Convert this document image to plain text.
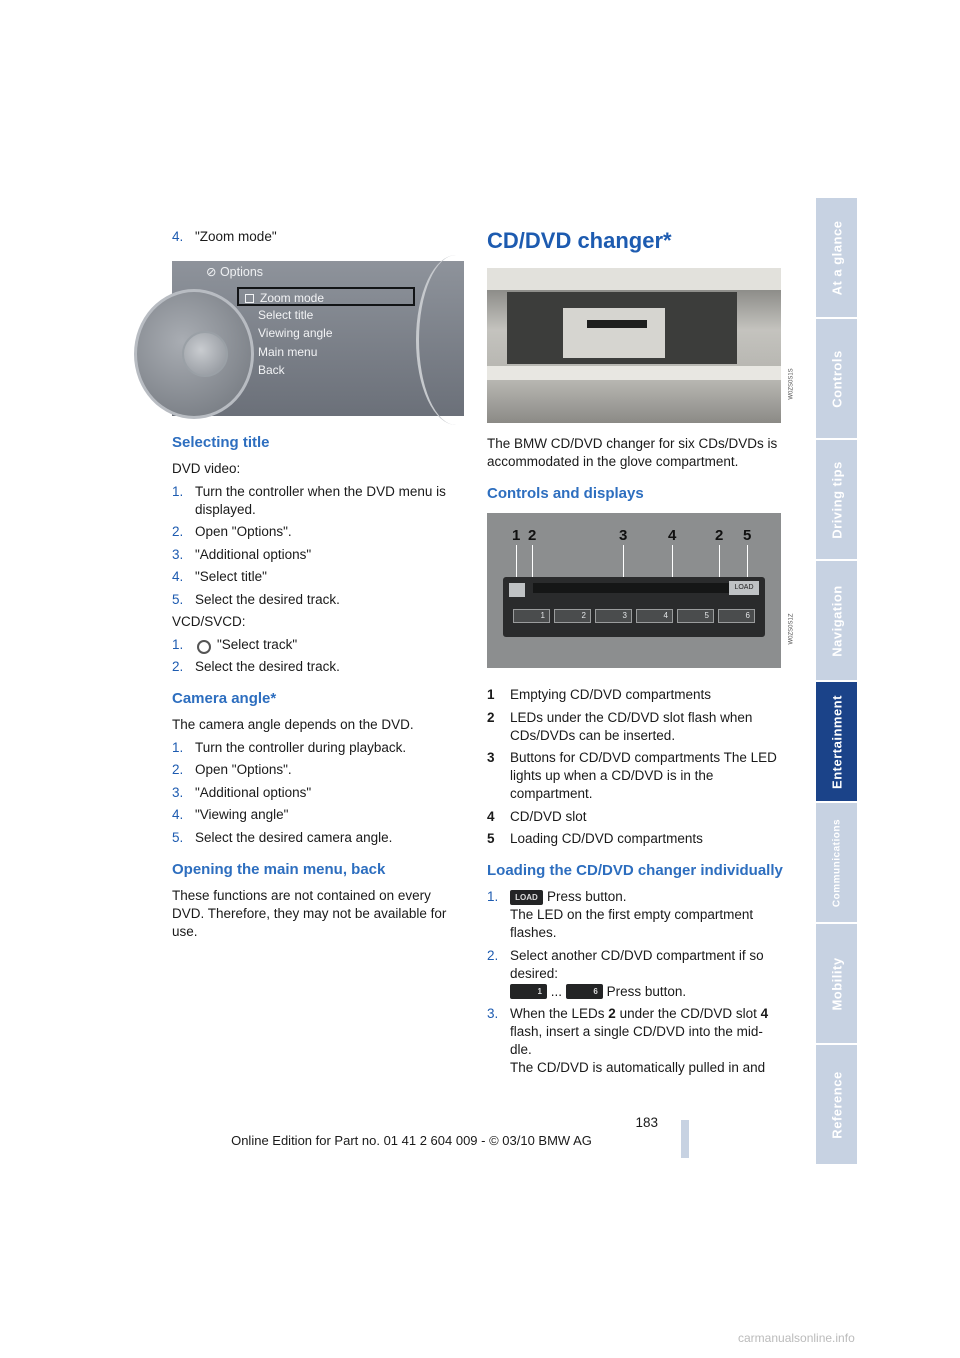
At a glance
Controls
Driving tips
Navigation
Entertainment
Communications
Mobility
Reference
4. "Zoom mode"
⊘ Options
Zoom mode
Select title
Viewing angle
Main menu
Back
Selecting title

DVD video:

1. Turn the controller when the DVD menu is displayed.
2. Open "Options".
3. "Additional options"
4. "Select title"
5. Select the desired track.

VCD/SVCD:

1.	"Select track"
2. Select the desired track.
Camera angle*

The camera angle depends on the DVD.

1. Turn the controller during playback.
2. Open "Options".
3. "Additional options"
4. "Viewing angle"
5. Select the desired camera angle.
Opening the main menu, back

These functions are not contained on every DVD. Therefore, they may not be available for use.

CD/DVD changer*
W0ZS0S1S

The BMW CD/DVD changer for six CDs/DVDs is accommodated in the glove compartment.

Controls and displays
1 2	3	4	2 5
LOAD
1	2	3	4	5	6	W0ZS0S1Z
1	Emptying CD/DVD compartments
2	LEDs under the CD/DVD slot flash when CDs/DVDs can be inserted.
3	Buttons for CD/DVD compartments The LED lights up when a CD/DVD is in the compartment.
4	CD/DVD slot
5	Loading CD/DVD compartments
Loading the CD/DVD changer individually
1.	LOAD Press button.
The LED on the first empty compartment flashes.
2. Select another CD/DVD compartment if so desired:
1 ...	6 Press button.
3. When the LEDs 2 under the CD/DVD slot 4 flash, insert a single CD/DVD into the mid-dle.
The CD/DVD is automatically pulled in and
183
Online Edition for Part no. 01 41 2 604 009 - © 03/10 BMW AG
carmanualsonline.info
